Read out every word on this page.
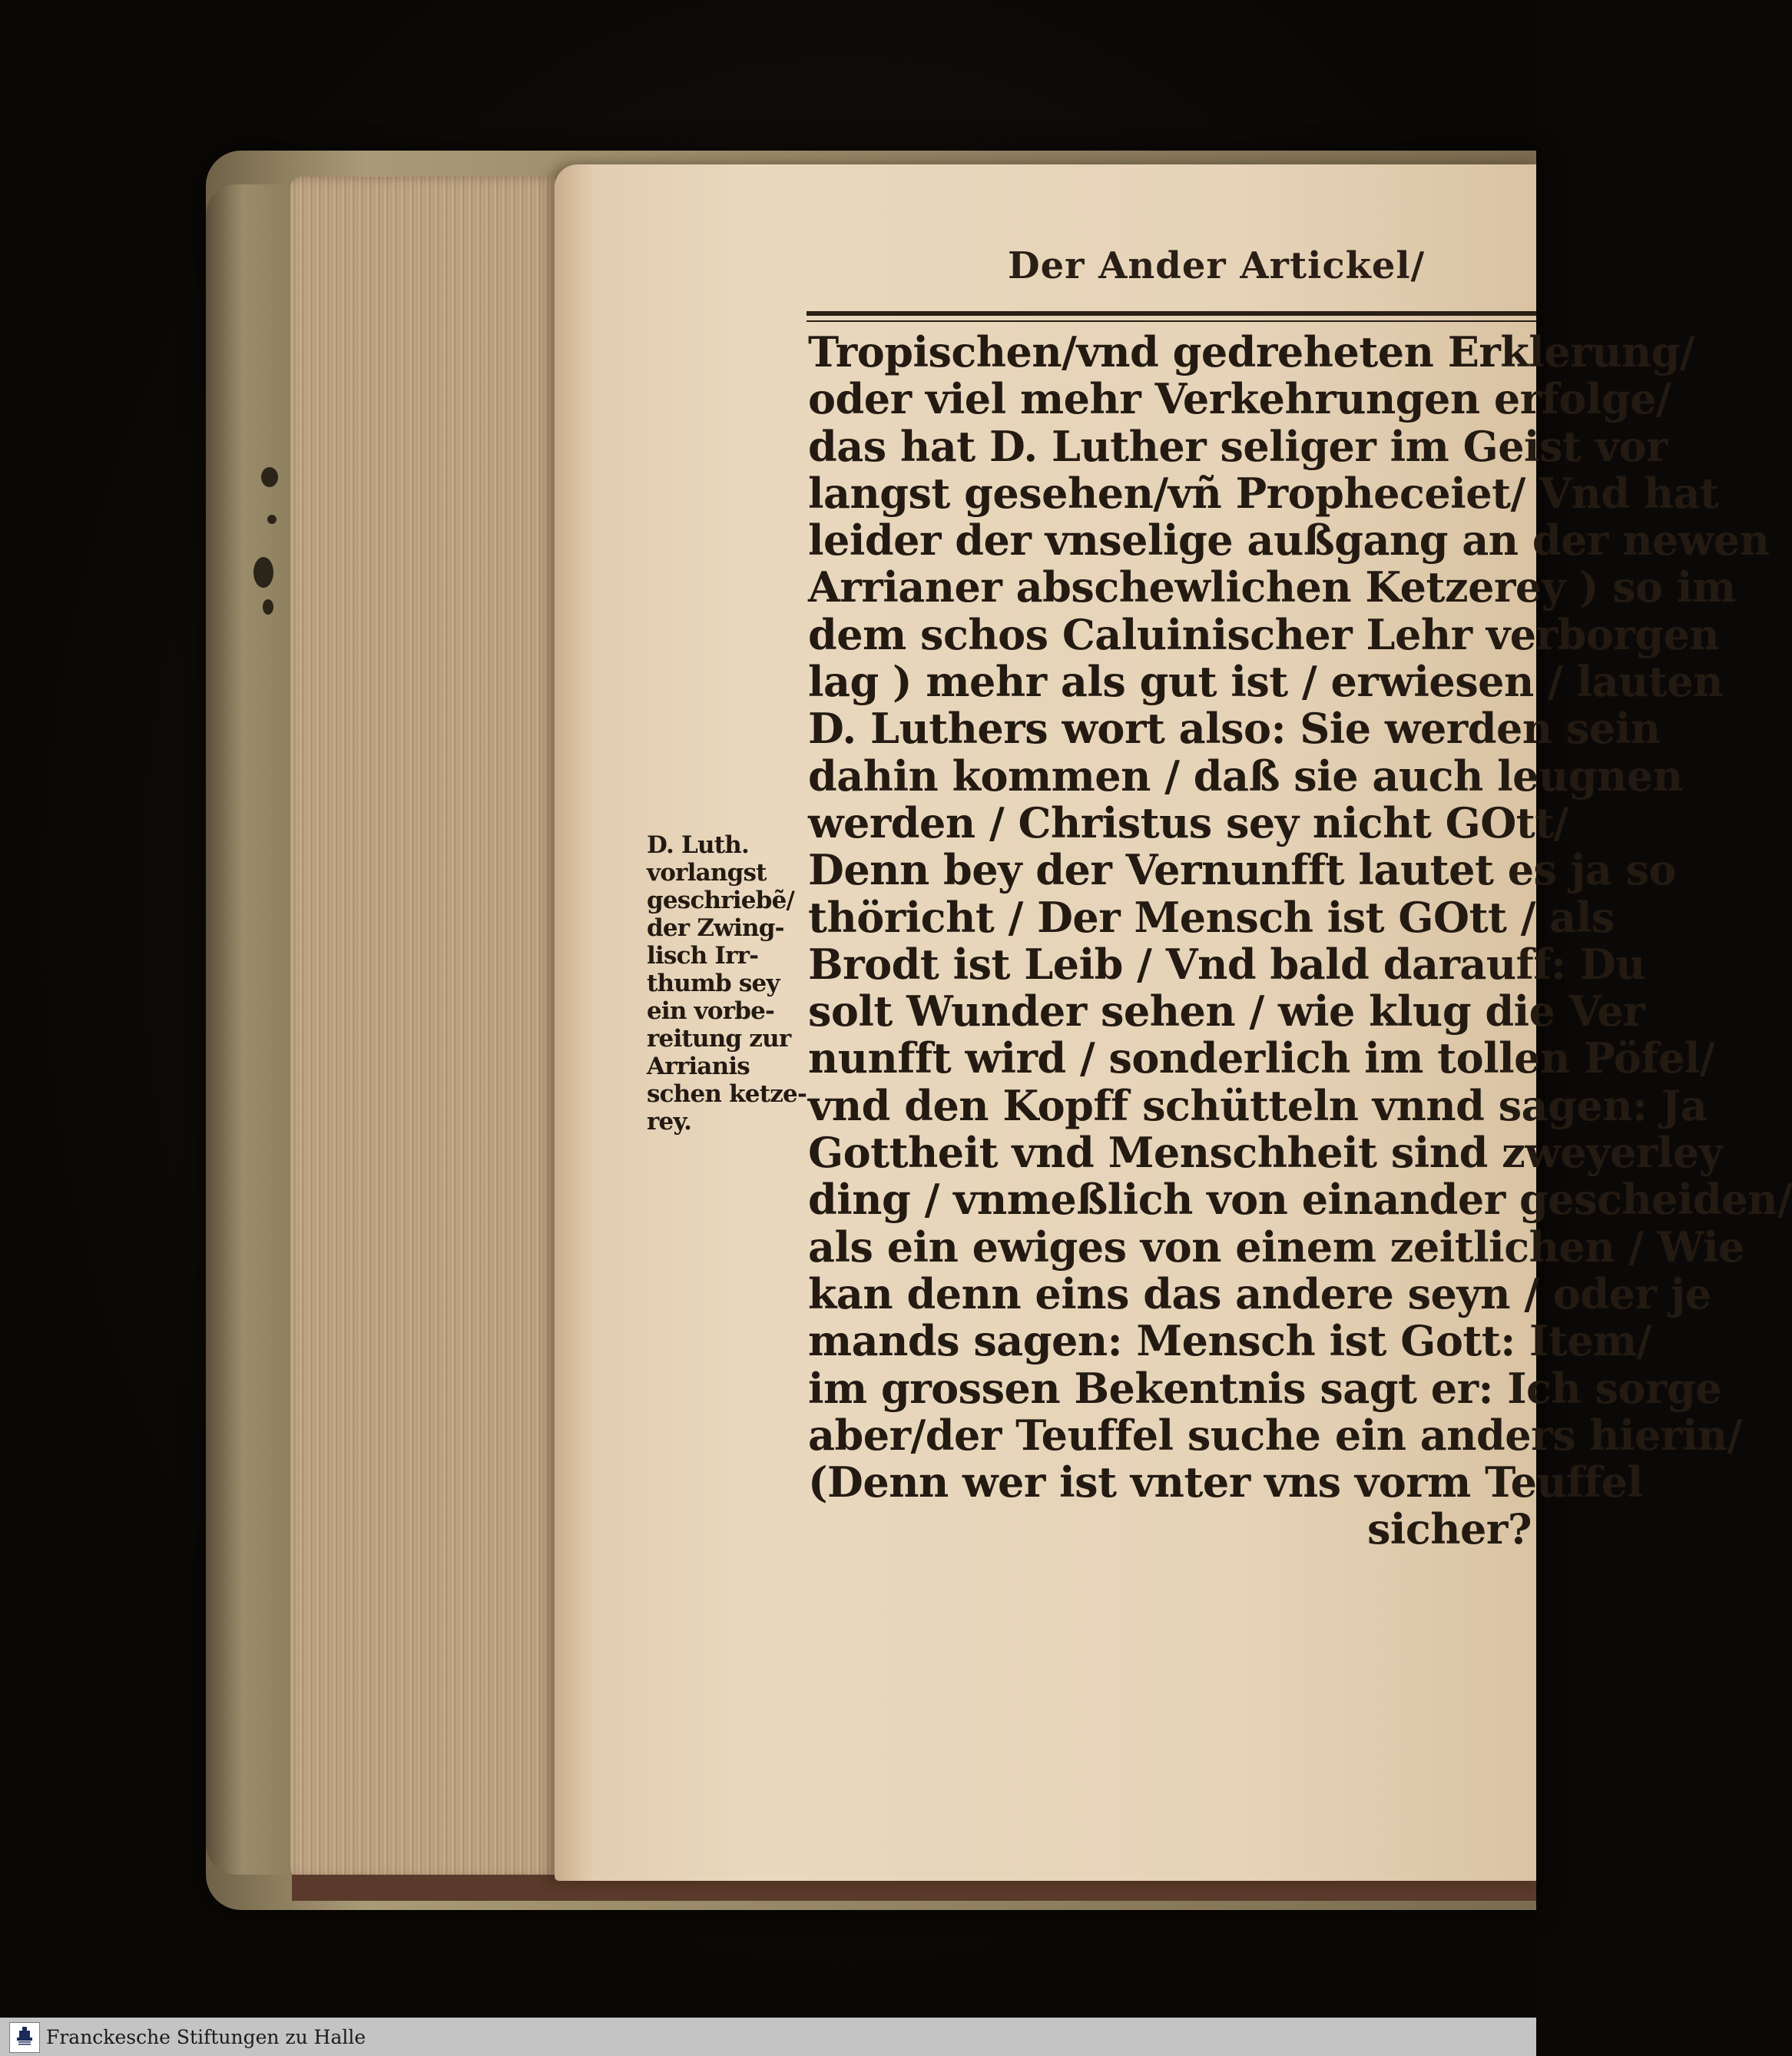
Der Ander Artickel/
Tropischen/vnd gedreheten Erklerung/
oder viel mehr Verkehrungen erfolge/
das hat D. Luther seliger im Geist vor
langst gesehen/vñ Propheceiet/ Vnd hat
leider der vnselige außgang an der newen
Arrianer abschewlichen Ketzerey ) so im
dem schos Caluinischer Lehr verborgen
lag ) mehr als gut ist / erwiesen / lauten
D. Luthers wort also: Sie werden sein
dahin kommen / daß sie auch leugnen
werden / Christus sey nicht GOtt/
Denn bey der Vernunfft lautet es ja so
thöricht / Der Mensch ist GOtt / als
Brodt ist Leib / Vnd bald darauff: Du
solt Wunder sehen / wie klug die Ver
nunfft wird / sonderlich im tollen Pöfel/
vnd den Kopff schütteln vnnd sagen: Ja
Gottheit vnd Menschheit sind zweyerley
ding / vnmeßlich von einander gescheiden/
als ein ewiges von einem zeitlichen / Wie
kan denn eins das andere seyn / oder je
mands sagen: Mensch ist Gott: Item/
im grossen Bekentnis sagt er: Ich sorge
aber/der Teuffel suche ein anders hierin/
(Denn wer ist vnter vns vorm Teuffel
sicher?
D. Luth.
vorlangst
geschriebẽ/
der Zwing-
lisch Irr-
thumb sey
ein vorbe-
reitung zur
Arrianis
schen ketze-
rey.
Franckesche Stiftungen zu Halle
